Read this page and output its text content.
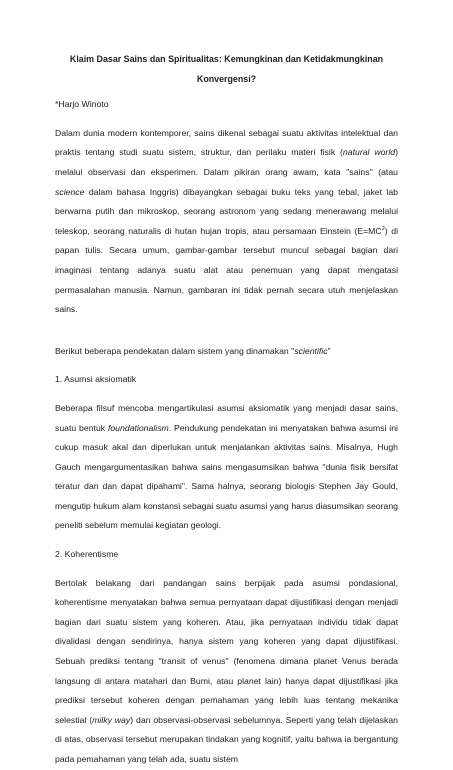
Klaim Dasar Sains dan Spiritualitas: Kemungkinan dan Ketidakmungkinan
Konvergensi?

*Harjo Winoto

Dalam dunia modern kontemporer, sains dikenal sebagai suatu aktivitas intelektual dan praktis tentang studi suatu sistem, struktur, dan perilaku materi fisik (natural world) melalui observasi dan eksperimen. Dalam pikiran orang awam, kata "sains" (atau science dalam bahasa Inggris) dibayangkan sebagai buku teks yang tebal, jaket lab berwarna putih dan mikroskop, seorang astronom yang sedang menerawang melalui teleskop, seorang naturalis di hutan hujan tropis, atau persamaan Einstein $(E=MC^2)$ di papan tulis. Secara umum, gambar-gambar tersebut muncul sebagai bagian dari imaginasi tentang adanya suatu alat atau penemuan yang dapat mengatasi permasalahan manusia. Namun, gambaran ini tidak pernah secara utuh menjelaskan sains.

Berikut beberapa pendekatan dalam sistem yang dinamakan "scientific"

1. Asumsi aksiomatik

Beberapa filsuf mencoba mengartikulasi asumsi aksiomatik yang menjadi dasar sains, suatu bentuk foundationalism. Pendukung pendekatan ini menyatakan bahwa asumsi ini cukup masuk akal dan diperlukan untuk menjalankan aktivitas sains. Misalnya, Hugh Gauch mengargumentasikan bahwa sains mengasumsikan bahwa "dunia fisik bersifat teratur dan dan dapat dipahami". Sama halnya, seorang biologis Stephen Jay Gould, mengutip hukum alam konstansi sebagai suatu asumsi yang harus diasumsikan seorang peneliti sebelum memulai kegiatan geologi.

2. Koherentisme

Bertolak belakang dari pandangan sains berpijak pada asumsi pondasional, koherentisme menyatakan bahwa semua pernyataan dapat dijustifikasi dengan menjadi bagian dari suatu sistem yang koheren. Atau, jika pernyataan individu tidak dapat divalidasi dengan sendirinya, hanya sistem yang koheren yang dapat dijustifikasi. Sebuah prediksi tentang "transit of venus" (fenomena dimana planet Venus berada langsung di antara matahari dan Bumi, atau planet lain) hanya dapat dijustifikasi jika prediksi tersebut koheren dengan pemahaman yang lebih luas tentang mekanika selestial (milky way) dan observasi-observasi sebelumnya. Seperti yang telah dijelaskan di atas, observasi tersebut merupakan tindakan yang kognitif, yaitu bahwa ia bergantung pada pemahaman yang telah ada, suatu sistem
